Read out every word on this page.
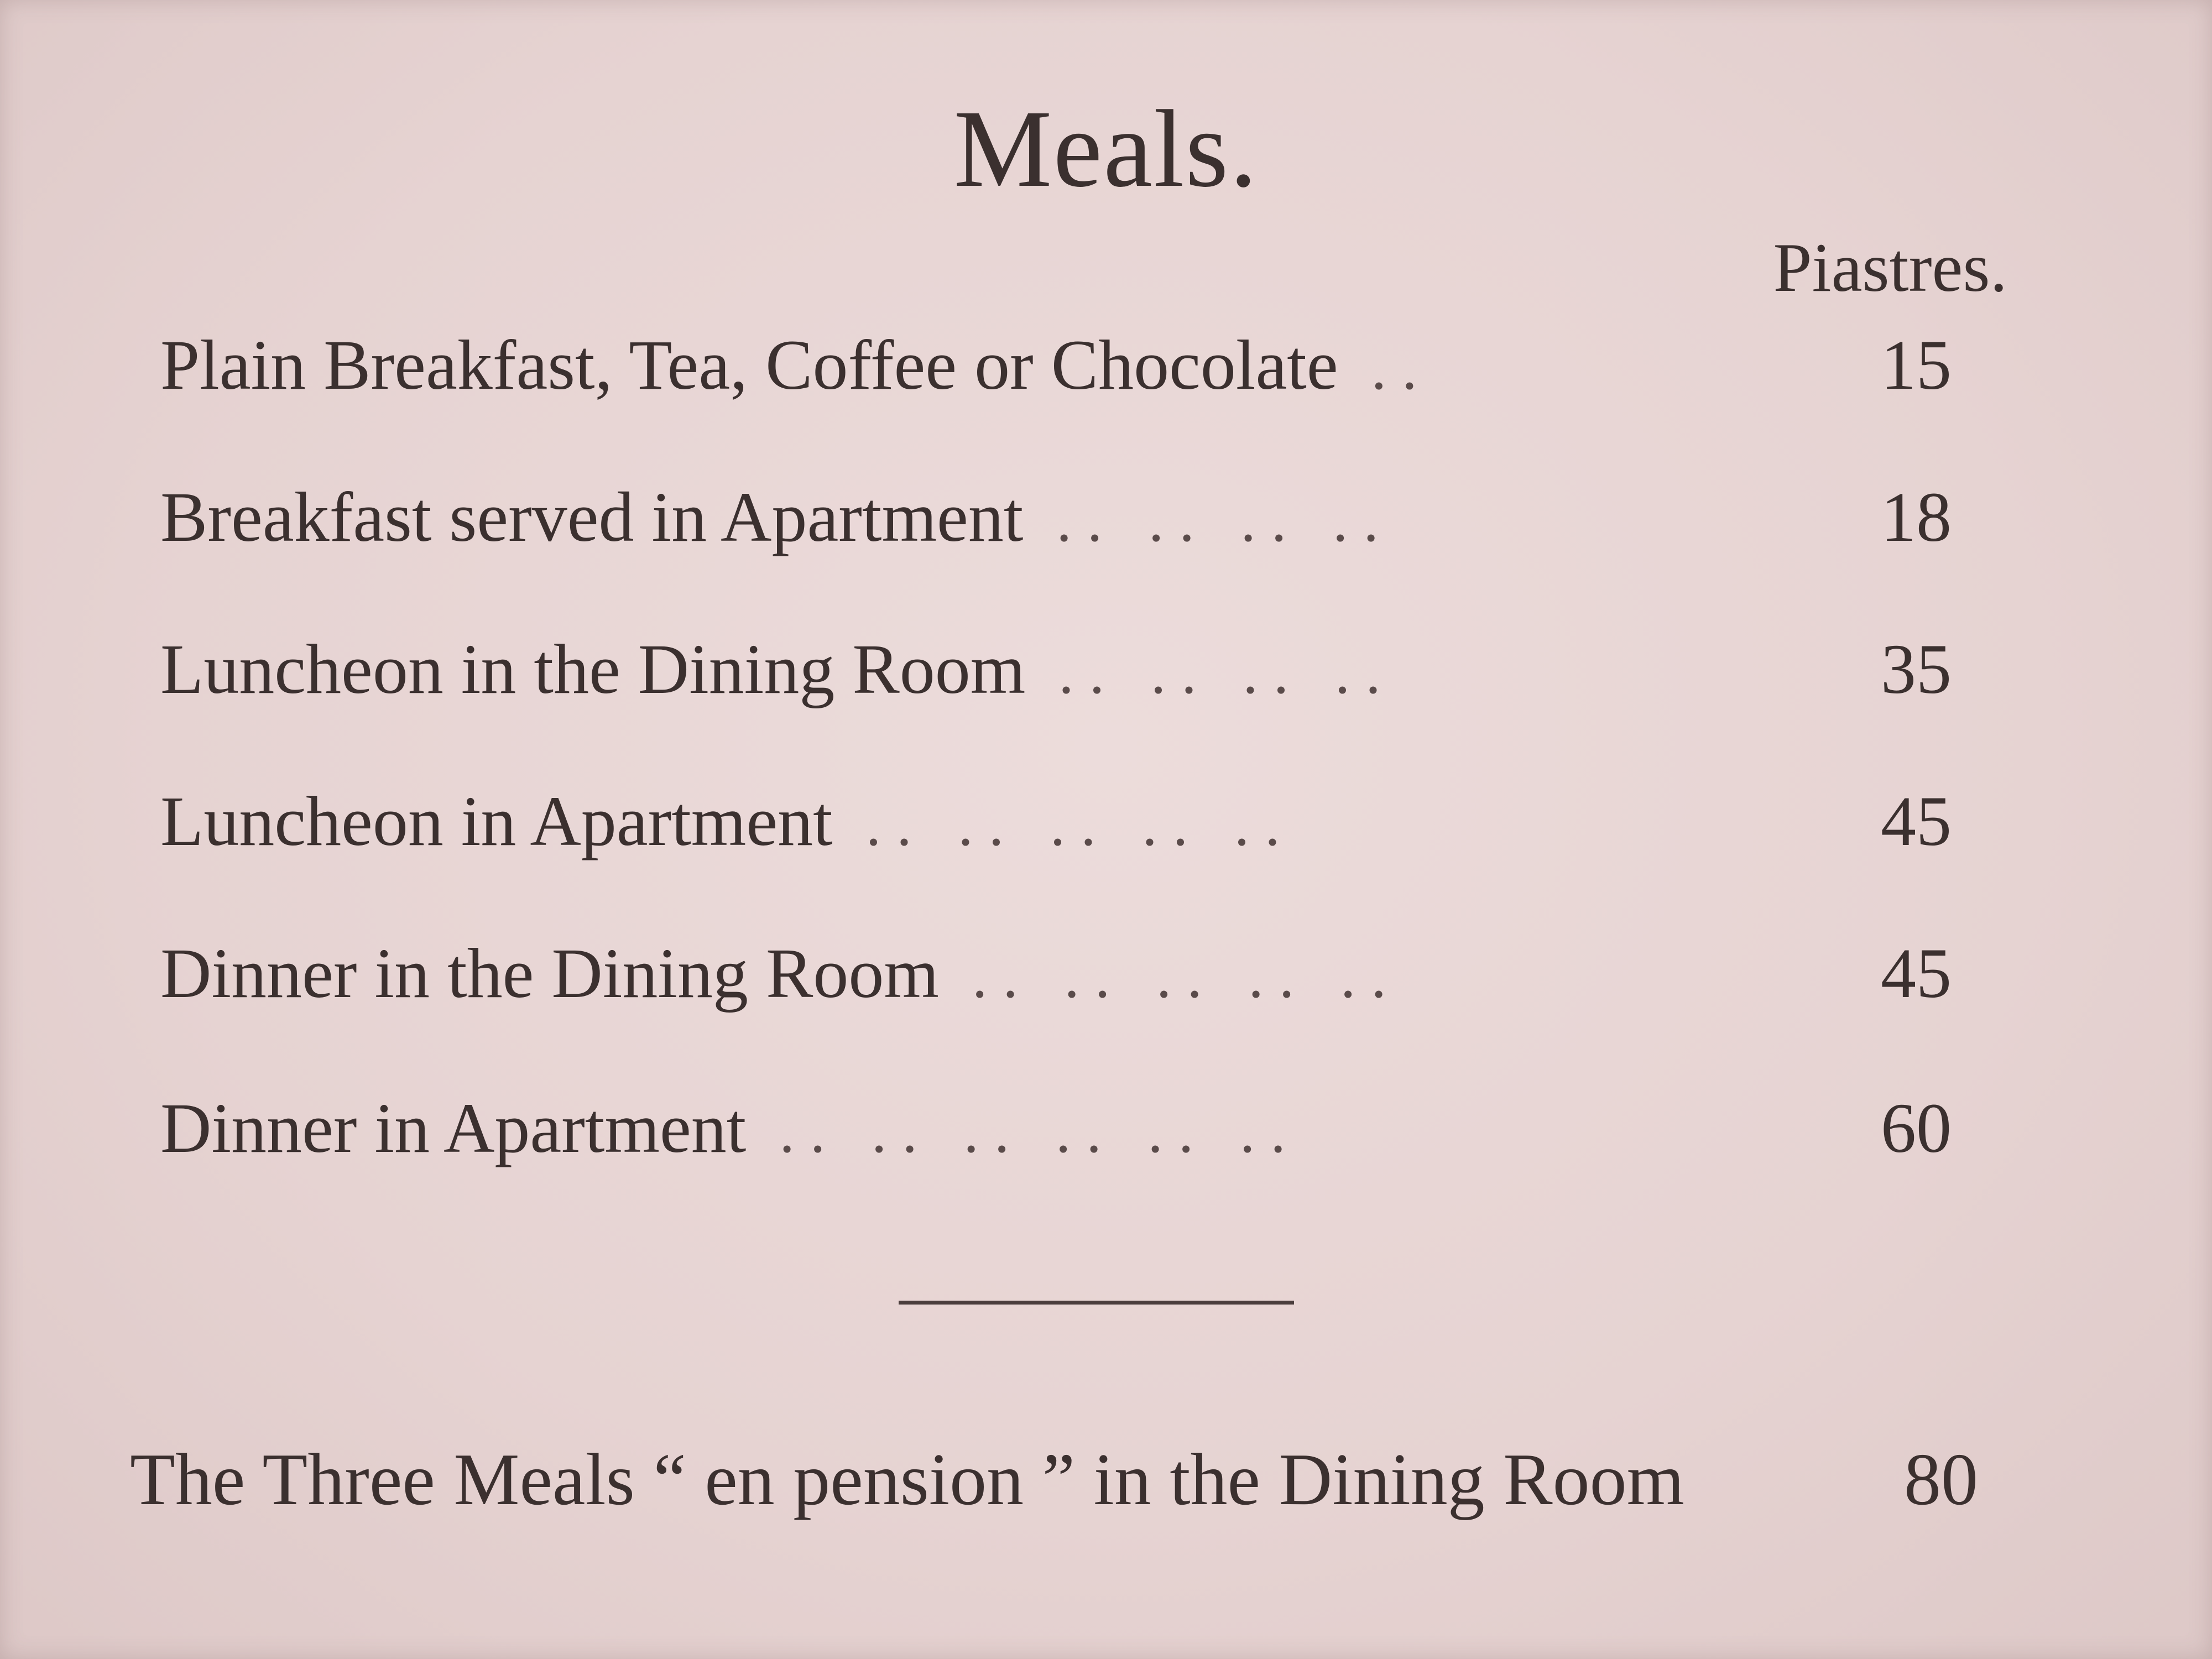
Meals.
Piastres.
Plain Breakfast, Tea, Coffee or Chocolate ..	15
Breakfast served in Apartment .. .. .. ..	18
Luncheon in the Dining Room .. .. .. ..	35
Luncheon in Apartment .. .. .. .. ..	45
Dinner in the Dining Room .. .. .. .. ..	45
Dinner in Apartment .. .. .. .. .. ..	60
The Three Meals “ en pension ” in the Dining Room	80
